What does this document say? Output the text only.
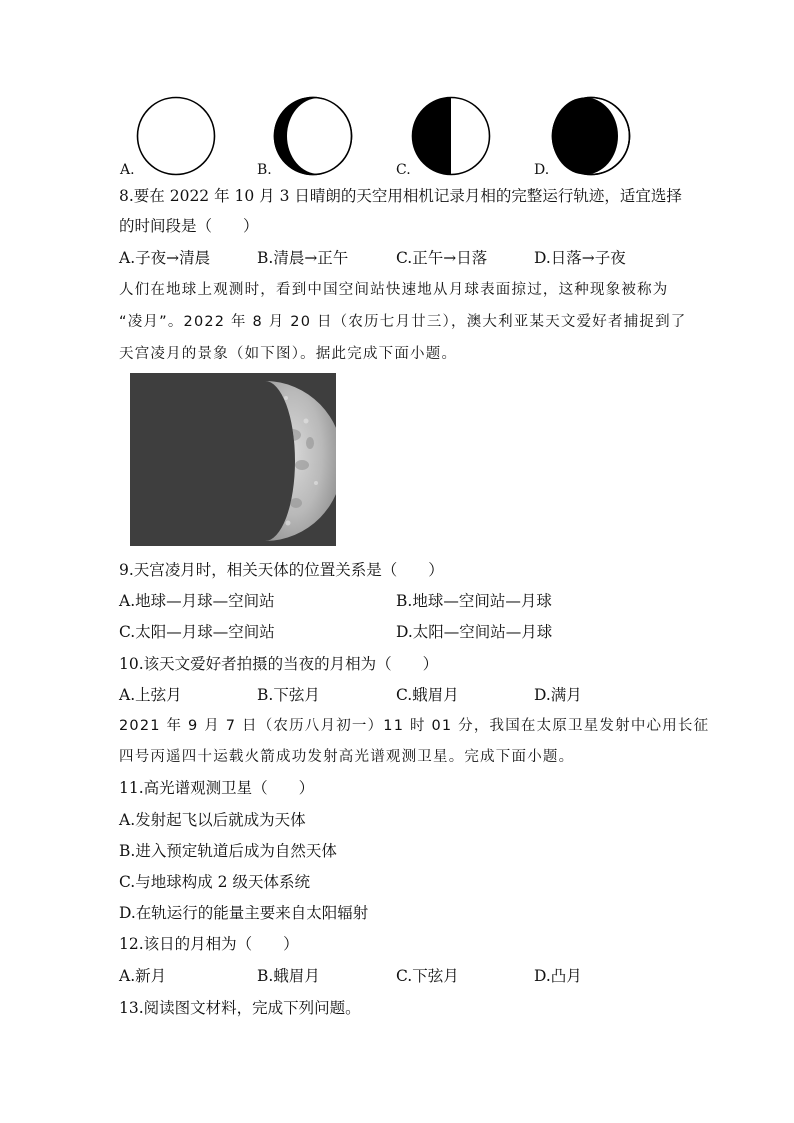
A.	B.	C.	D.
8.要在 2022 年 10 月 3 日晴朗的天空用相机记录月相的完整运行轨迹，适宜选择
的时间段是（　　）
A.子夜→清晨	B.清晨→正午	C.正午→日落	D.日落→子夜
人们在地球上观测时，看到中国空间站快速地从月球表面掠过，这种现象被称为
“凌月”。2022 年 8 月 20 日（农历七月廿三），澳大利亚某天文爱好者捕捉到了
天宫凌月的景象（如下图）。据此完成下面小题。
9.天宫凌月时，相关天体的位置关系是（　　）
A.地球—月球—空间站	B.地球—空间站—月球
C.太阳—月球—空间站	D.太阳—空间站—月球
10.该天文爱好者拍摄的当夜的月相为（　　）
A.上弦月	B.下弦月	C.蛾眉月	D.满月
2021 年 9 月 7 日（农历八月初一）11 时 01 分，我国在太原卫星发射中心用长征
四号丙遥四十运载火箭成功发射高光谱观测卫星。完成下面小题。
11.高光谱观测卫星（　　）
A.发射起飞以后就成为天体
B.进入预定轨道后成为自然天体
C.与地球构成 2 级天体系统
D.在轨运行的能量主要来自太阳辐射
12.该日的月相为（　　）
A.新月	B.蛾眉月	C.下弦月	D.凸月
13.阅读图文材料，完成下列问题。
